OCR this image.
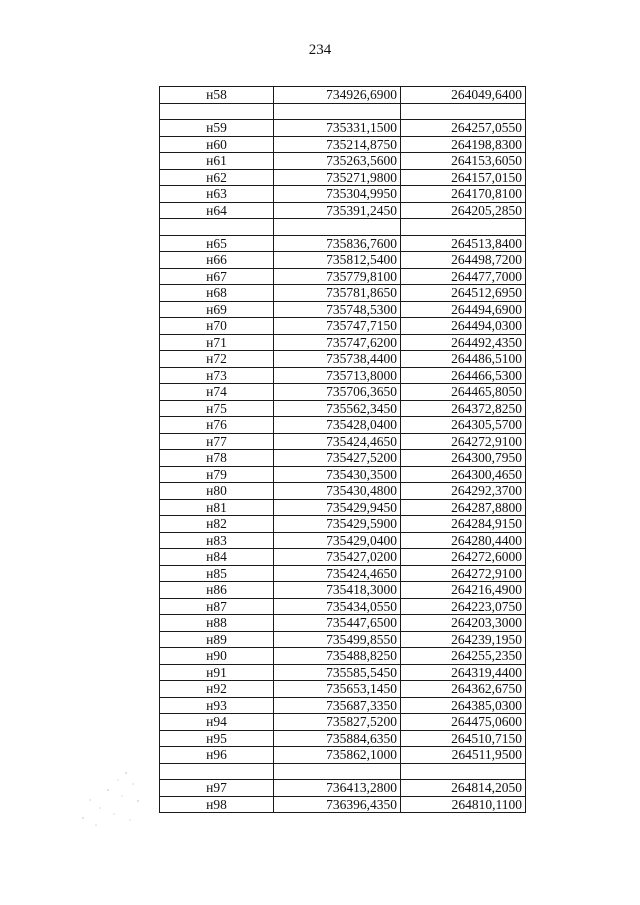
234
н58	734926,6900	264049,6400

н59	735331,1500	264257,0550
н60	735214,8750	264198,8300
н61	735263,5600	264153,6050
н62	735271,9800	264157,0150
н63	735304,9950	264170,8100
н64	735391,2450	264205,2850

н65	735836,7600	264513,8400
н66	735812,5400	264498,7200
н67	735779,8100	264477,7000
н68	735781,8650	264512,6950
н69	735748,5300	264494,6900
н70	735747,7150	264494,0300
н71	735747,6200	264492,4350
н72	735738,4400	264486,5100
н73	735713,8000	264466,5300
н74	735706,3650	264465,8050
н75	735562,3450	264372,8250
н76	735428,0400	264305,5700
н77	735424,4650	264272,9100
н78	735427,5200	264300,7950
н79	735430,3500	264300,4650
н80	735430,4800	264292,3700
н81	735429,9450	264287,8800
н82	735429,5900	264284,9150
н83	735429,0400	264280,4400
н84	735427,0200	264272,6000
н85	735424,4650	264272,9100
н86	735418,3000	264216,4900
н87	735434,0550	264223,0750
н88	735447,6500	264203,3000
н89	735499,8550	264239,1950
н90	735488,8250	264255,2350
н91	735585,5450	264319,4400
н92	735653,1450	264362,6750
н93	735687,3350	264385,0300
н94	735827,5200	264475,0600
н95	735884,6350	264510,7150
н96	735862,1000	264511,9500

н97	736413,2800	264814,2050
н98	736396,4350	264810,1100
